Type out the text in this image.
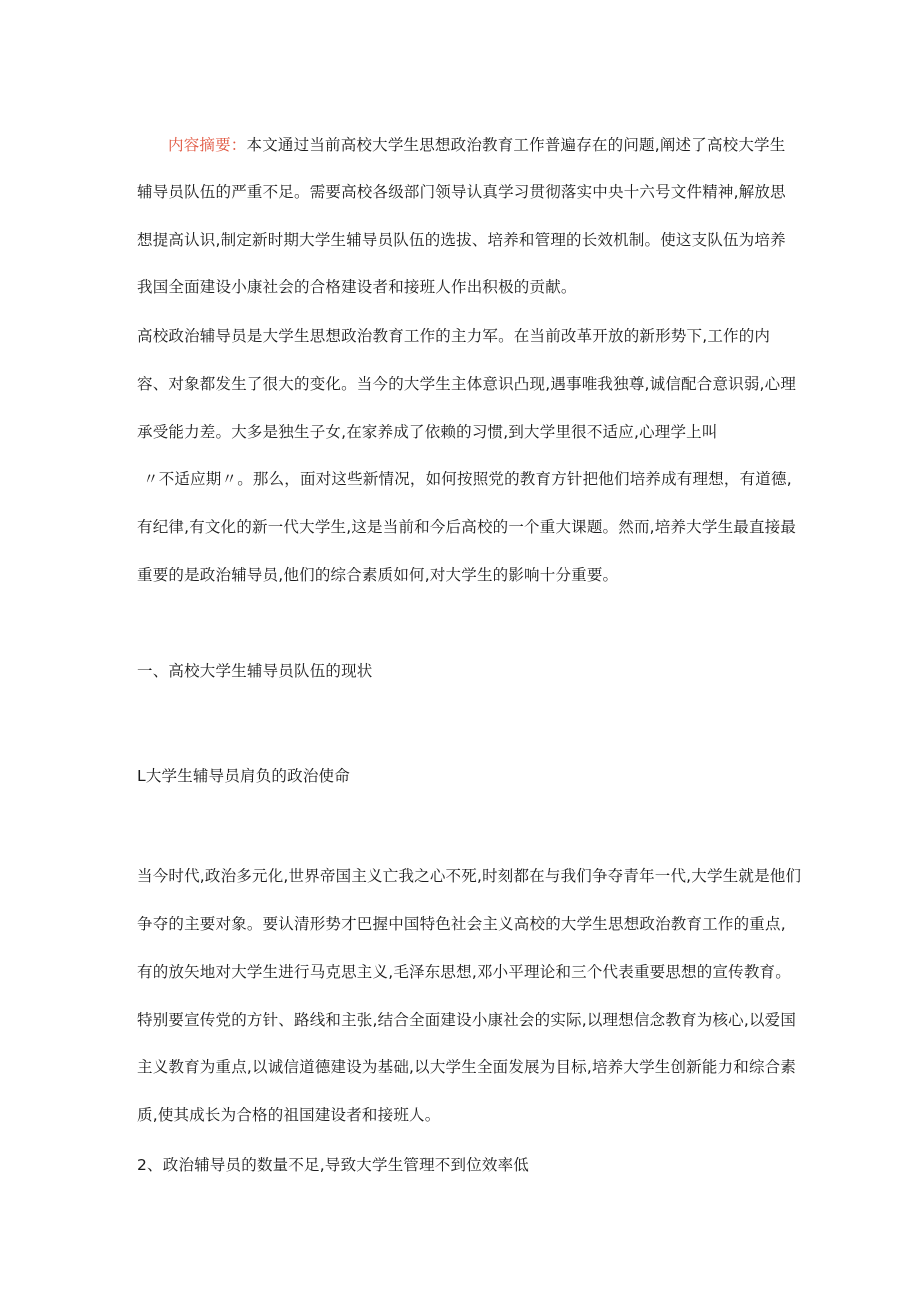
内容摘要：本文通过当前高校大学生思想政治教育工作普遍存在的问题,阐述了高校大学生
辅导员队伍的严重不足。需要高校各级部门领导认真学习贯彻落实中央十六号文件精神,解放思
想提高认识,制定新时期大学生辅导员队伍的选拔、培养和管理的长效机制。使这支队伍为培养
我国全面建设小康社会的合格建设者和接班人作出积极的贡献。
高校政治辅导员是大学生思想政治教育工作的主力军。在当前改革开放的新形势下,工作的内
容、对象都发生了很大的变化。当今的大学生主体意识凸现,遇事唯我独尊,诚信配合意识弱,心理
承受能力差。大多是独生子女,在家养成了依赖的习惯,到大学里很不适应,心理学上叫
〃不适应期〃。那么，面对这些新情况，如何按照党的教育方针把他们培养成有理想，有道德,
有纪律,有文化的新一代大学生,这是当前和今后高校的一个重大课题。然而,培养大学生最直接最
重要的是政治辅导员,他们的综合素质如何,对大学生的影响十分重要。
一、高校大学生辅导员队伍的现状
L大学生辅导员肩负的政治使命
当今时代,政治多元化,世界帝国主义亡我之心不死,时刻都在与我们争夺青年一代,大学生就是他们
争夺的主要对象。要认清形势才巴握中国特色社会主义高校的大学生思想政治教育工作的重点,
有的放矢地对大学生进行马克思主义,毛泽东思想,邓小平理论和三个代表重要思想的宣传教育。
特别要宣传党的方针、路线和主张,结合全面建设小康社会的实际,以理想信念教育为核心,以爱国
主义教育为重点,以诚信道德建设为基础,以大学生全面发展为目标,培养大学生创新能力和综合素
质,使其成长为合格的祖国建设者和接班人。
2、政治辅导员的数量不足,导致大学生管理不到位效率低
